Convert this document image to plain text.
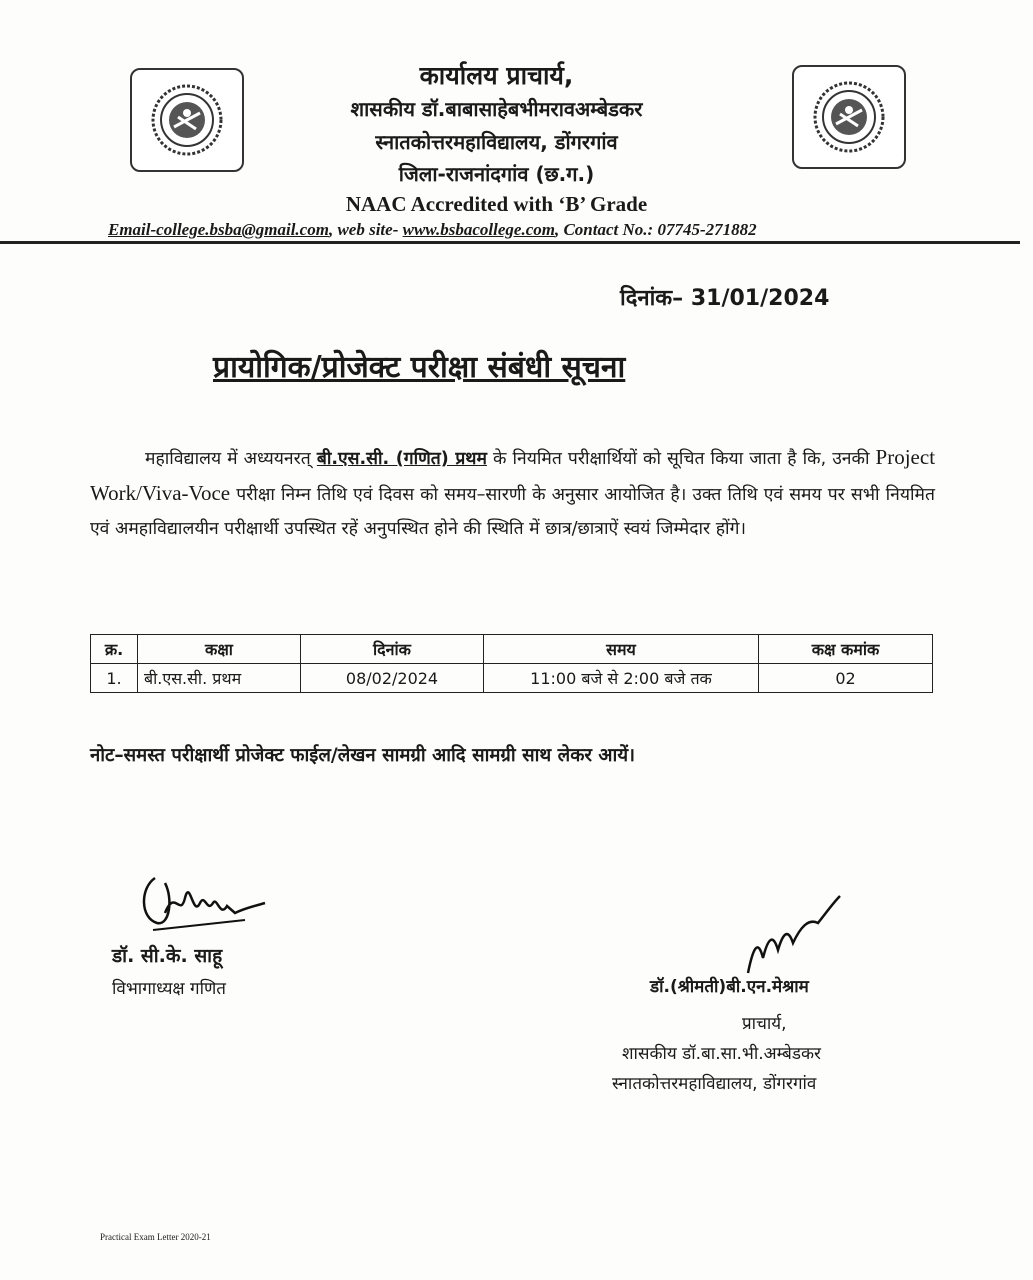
कार्यालय प्राचार्य,
शासकीय डॉ.बाबासाहेबभीमरावअम्बेडकर
स्नातकोत्तरमहाविद्यालय, डोंगरगांव
जिला-राजनांदगांव (छ.ग.)
NAAC Accredited with ‘B’ Grade
Email-college.bsba@gmail.com, web site- www.bsbacollege.com, Contact No.: 07745-271882
दिनांक– 31/01/2024
प्रायोगिक/प्रोजेक्ट परीक्षा संबंधी सूचना
महाविद्यालय में अध्ययनरत् बी.एस.सी. (गणित) प्रथम के नियमित परीक्षार्थियों को सूचित किया जाता है कि, उनकी Project Work/Viva-Voce परीक्षा निम्न तिथि एवं दिवस को समय–सारणी के अनुसार आयोजित है। उक्त तिथि एवं समय पर सभी नियमित एवं अमहाविद्यालयीन परीक्षार्थी उपस्थित रहें अनुपस्थित होने की स्थिति में छात्र/छात्राऐं स्वयं जिम्मेदार होंगे।
क्र.	कक्षा	दिनांक	समय	कक्ष कमांक
1.	बी.एस.सी. प्रथम	08/02/2024	11:00 बजे से 2:00 बजे तक	02
नोट–समस्त परीक्षार्थी प्रोजेक्ट फाईल/लेखन सामग्री आदि सामग्री साथ लेकर आयें।
डॉ. सी.के. साहू
विभागाध्यक्ष गणित	डॉ.(श्रीमती)बी.एन.मेश्राम
प्राचार्य,
शासकीय डॉ.बा.सा.भी.अम्बेडकर
स्नातकोत्तरमहाविद्यालय, डोंगरगांव
Practical Exam Letter 2020-21
